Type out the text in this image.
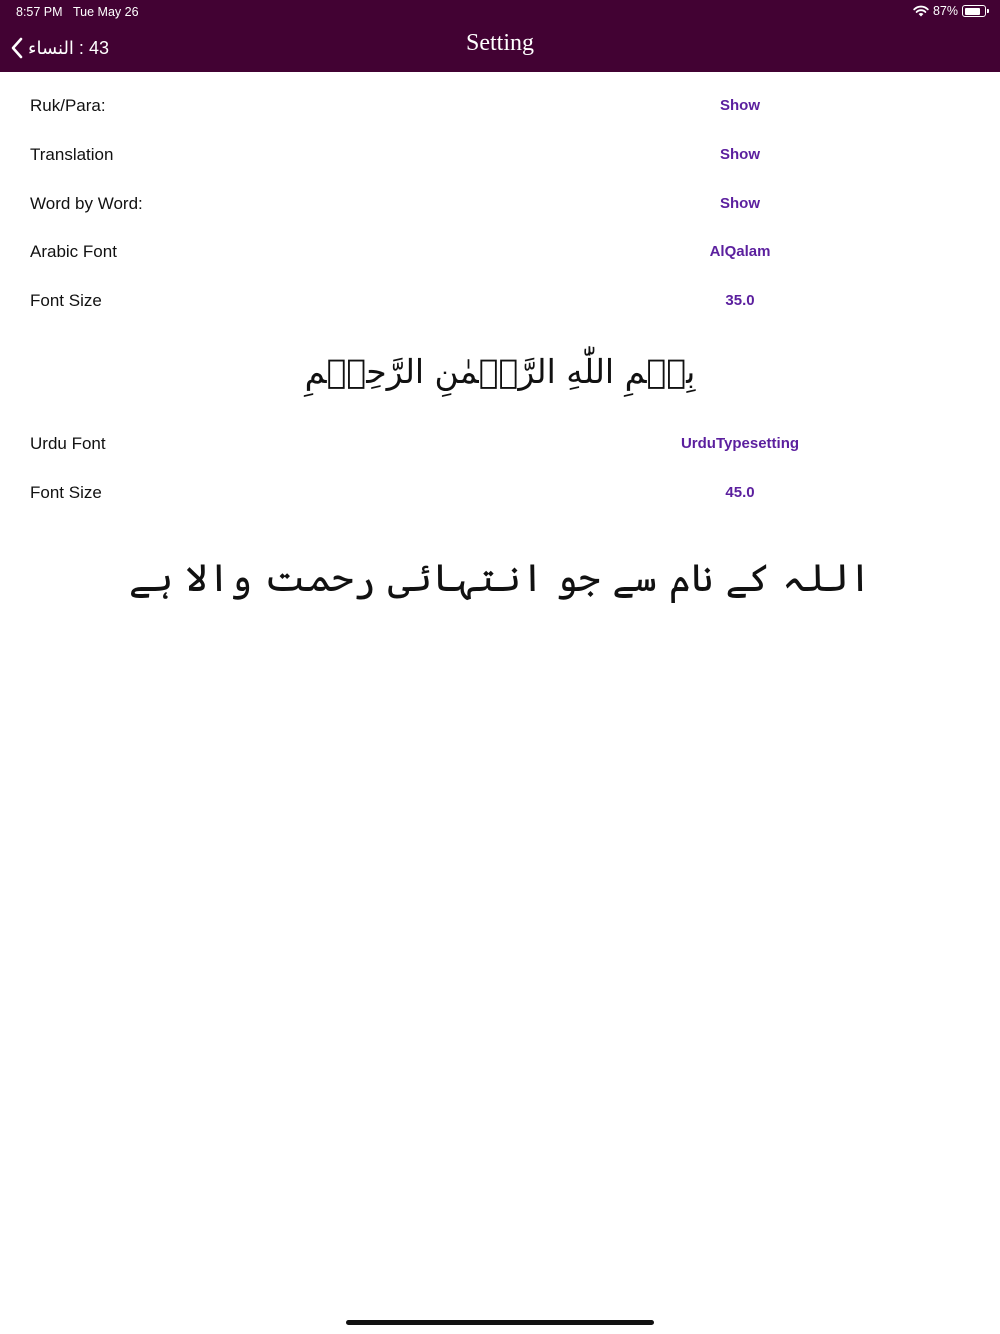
8:57 PM Tue May 26	87%
43 : النساء	Setting
Ruk/Para:	Show
Translation	Show
Word by Word:	Show
Arabic Font	AlQalam
Font Size	35.0
بِسۡمِ اللّٰهِ الرَّحۡمٰنِ الرَّحِيۡمِ
Urdu Font	UrduTypesetting
Font Size	45.0
اللہ کے نام سے جو انتہائی رحمت والا ہے
